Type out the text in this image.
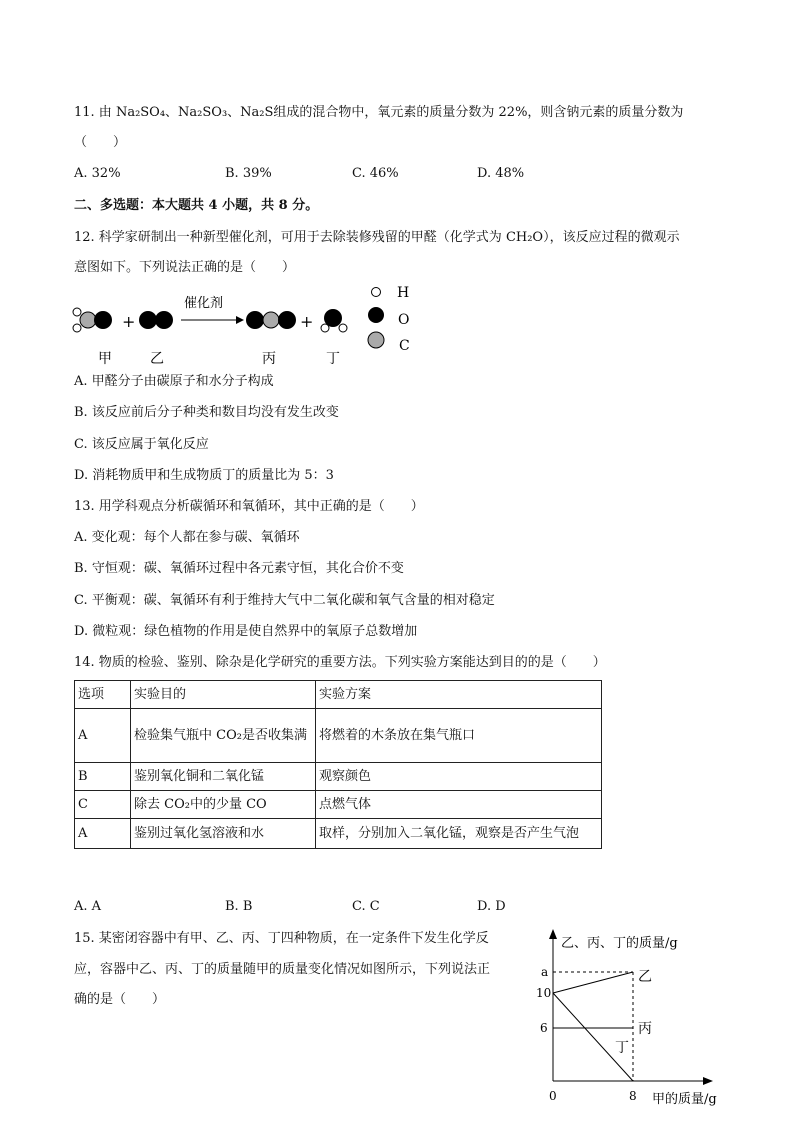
11. 由 Na₂SO₄、Na₂SO₃、Na₂S组成的混合物中，氧元素的质量分数为 22%，则含钠元素的质量分数为
（　　）
A. 32%	B. 39%	C. 46%	D. 48%
二、多选题：本大题共 4 小题，共 8 分。
12. 科学家研制出一种新型催化剂，可用于去除装修残留的甲醛（化学式为 CH₂O），该反应过程的微观示
意图如下。下列说法正确的是（　　）
+
催化剂
+
H
O
C
甲	乙	丙	丁
A. 甲醛分子由碳原子和水分子构成
B. 该反应前后分子种类和数目均没有发生改变
C. 该反应属于氧化反应
D. 消耗物质甲和生成物质丁的质量比为 5：3
13. 用学科观点分析碳循环和氧循环，其中正确的是（　　）
A. 变化观：每个人都在参与碳、氧循环
B. 守恒观：碳、氧循环过程中各元素守恒，其化合价不变
C. 平衡观：碳、氧循环有利于维持大气中二氧化碳和氧气含量的相对稳定
D. 微粒观：绿色植物的作用是使自然界中的氧原子总数增加
14. 物质的检验、鉴别、除杂是化学研究的重要方法。下列实验方案能达到目的的是（　　）
选项	实验目的	实验方案
A	检验集气瓶中 CO₂是否收集满	将燃着的木条放在集气瓶口
B	鉴别氧化铜和二氧化锰	观察颜色
C	除去 CO₂中的少量 CO	点燃气体
A	鉴别过氧化氢溶液和水	取样，分别加入二氧化锰，观察是否产生气泡
A. A	B. B	C. C	D. D
15. 某密闭容器中有甲、乙、丙、丁四种物质，在一定条件下发生化学反
应，容器中乙、丙、丁的质量随甲的质量变化情况如图所示，下列说法正
确的是（　　）
乙、丙、丁的质量/g
甲的质量/g
0	8
6
10
a	乙
丙
丁
